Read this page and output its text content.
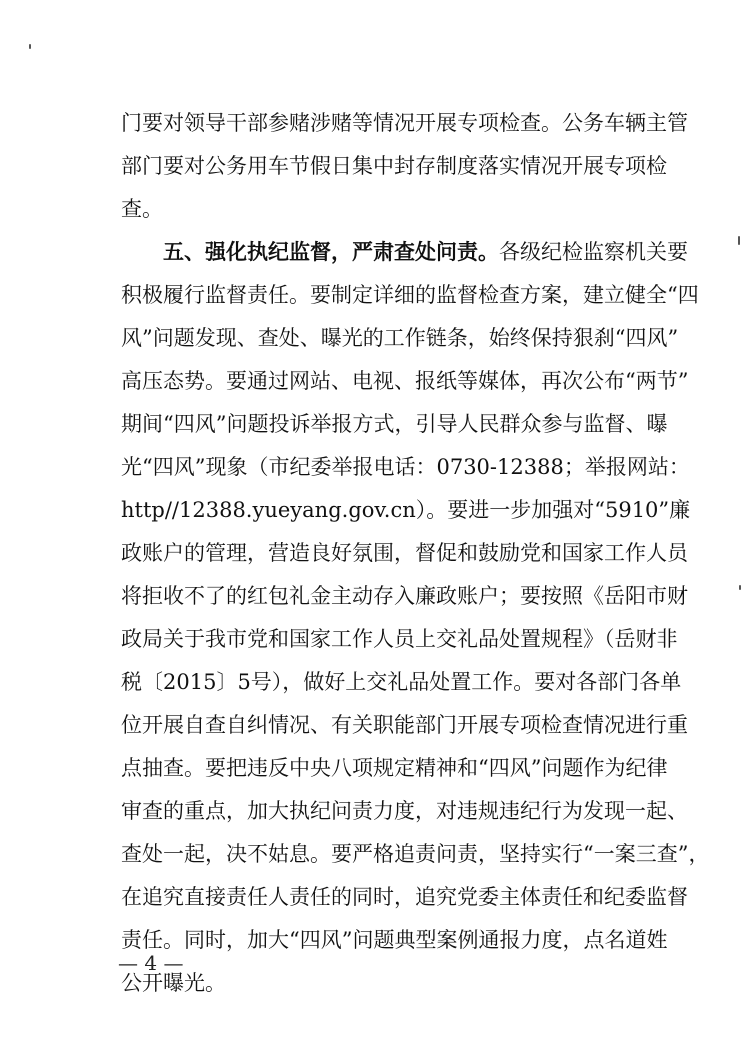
门要对领导干部参赌涉赌等情况开展专项检查。公务车辆主管
部门要对公务用车节假日集中封存制度落实情况开展专项检
查。
五、强化执纪监督，严肃查处问责。各级纪检监察机关要
积极履行监督责任。要制定详细的监督检查方案，建立健全“四
风”问题发现、查处、曝光的工作链条，始终保持狠刹“四风”
高压态势。要通过网站、电视、报纸等媒体，再次公布“两节”
期间“四风”问题投诉举报方式，引导人民群众参与监督、曝
光“四风”现象（市纪委举报电话：0730-12388；举报网站：
http//12388.yueyang.gov.cn）。要进一步加强对“5910”廉
政账户的管理，营造良好氛围，督促和鼓励党和国家工作人员
将拒收不了的红包礼金主动存入廉政账户；要按照《岳阳市财
政局关于我市党和国家工作人员上交礼品处置规程》（岳财非
税〔2015〕5号），做好上交礼品处置工作。要对各部门各单
位开展自查自纠情况、有关职能部门开展专项检查情况进行重
点抽查。要把违反中央八项规定精神和“四风”问题作为纪律
审查的重点，加大执纪问责力度，对违规违纪行为发现一起、
查处一起，决不姑息。要严格追责问责，坚持实行“一案三查”，
在追究直接责任人责任的同时，追究党委主体责任和纪委监督
责任。同时，加大“四风”问题典型案例通报力度，点名道姓
公开曝光。
— 4 —
